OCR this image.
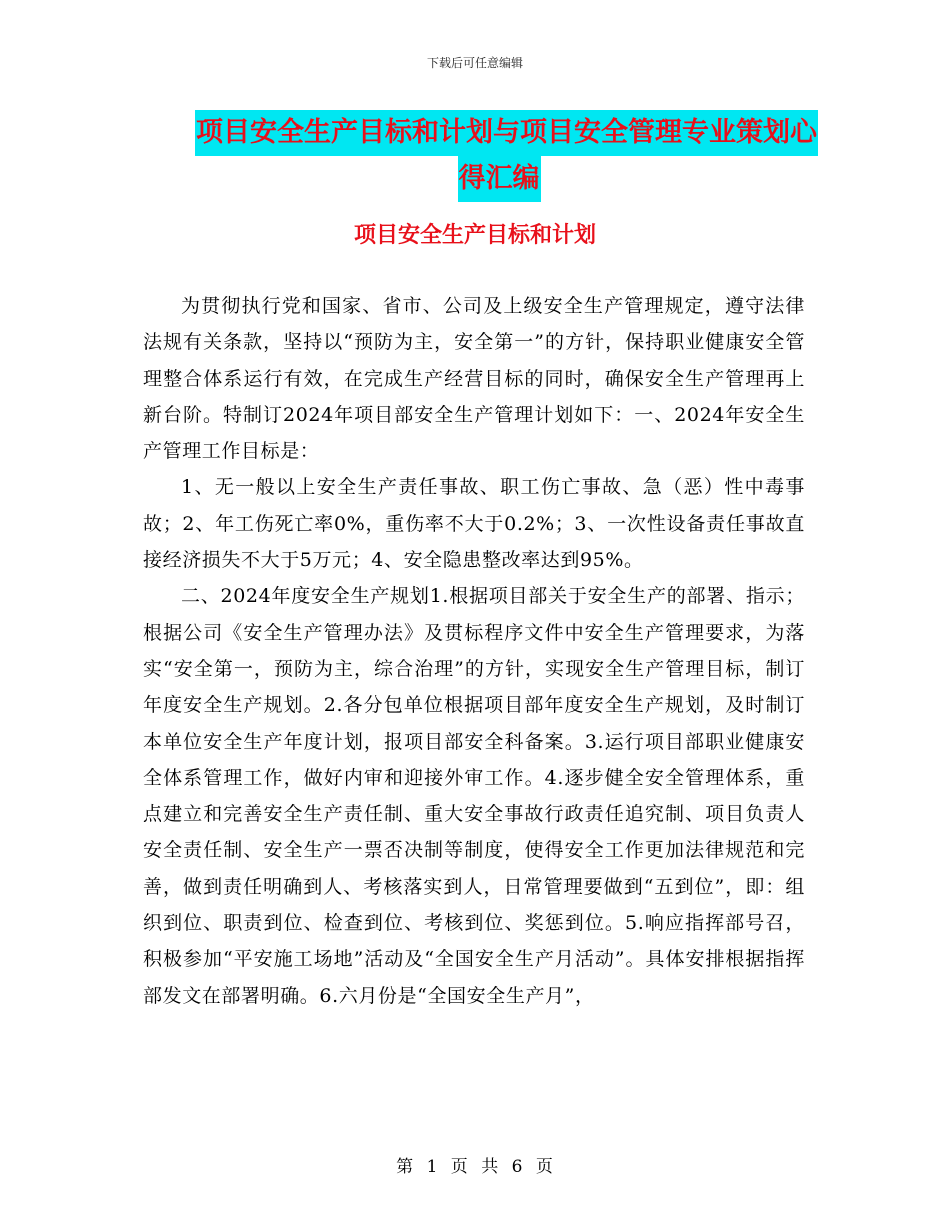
下载后可任意编辑
项目安全生产目标和计划与项目安全管理专业策划心
得汇编
项目安全生产目标和计划

为贯彻执行党和国家、省市、公司及上级安全生产管理规定，遵守法律法规有关条款，坚持以“预防为主，安全第一”的方针，保持职业健康安全管理整合体系运行有效，在完成生产经营目标的同时，确保安全生产管理再上新台阶。特制订2024年项目部安全生产管理计划如下：一、2024年安全生产管理工作目标是：

1、无一般以上安全生产责任事故、职工伤亡事故、急（恶）性中毒事故；2、年工伤死亡率0%，重伤率不大于0.2%；3、一次性设备责任事故直接经济损失不大于5万元；4、安全隐患整改率达到95%。

二、2024年度安全生产规划1.根据项目部关于安全生产的部署、指示；根据公司《安全生产管理办法》及贯标程序文件中安全生产管理要求，为落实“安全第一，预防为主，综合治理”的方针，实现安全生产管理目标，制订年度安全生产规划。2.各分包单位根据项目部年度安全生产规划，及时制订本单位安全生产年度计划，报项目部安全科备案。3.运行项目部职业健康安全体系管理工作，做好内审和迎接外审工作。4.逐步健全安全管理体系，重点建立和完善安全生产责任制、重大安全事故行政责任追究制、项目负责人安全责任制、安全生产一票否决制等制度，使得安全工作更加法律规范和完善，做到责任明确到人、考核落实到人，日常管理要做到“五到位”，即：组织到位、职责到位、检查到位、考核到位、奖惩到位。5.响应指挥部号召，积极参加“平安施工场地”活动及“全国安全生产月活动”。具体安排根据指挥部发文在部署明确。6.六月份是“全国安全生产月”，

第 1 页 共 6 页
